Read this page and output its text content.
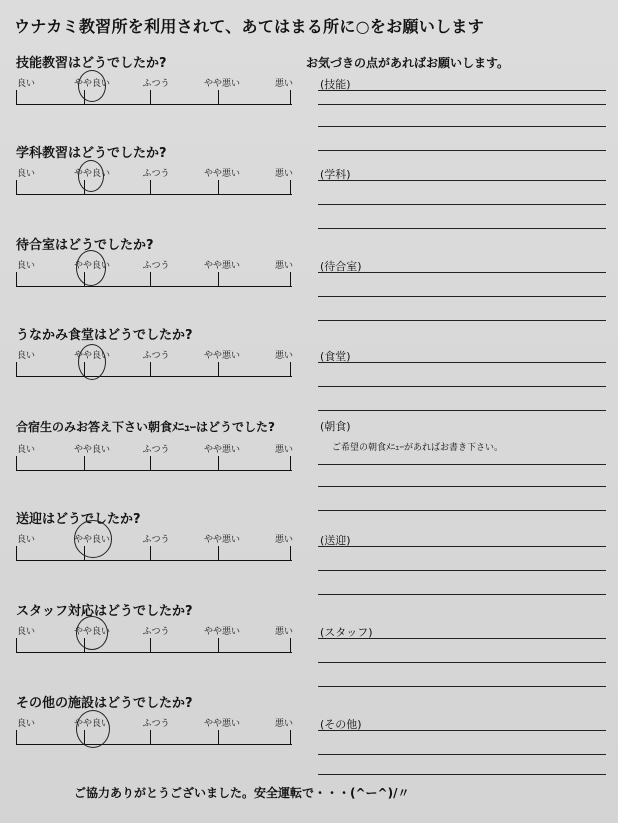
ウナカミ教習所を利用されて、あてはまる所に○をお願いします
お気づきの点があればお願いします。
技能教習はどうでしたか?
良い	やや良い	ふつう	やや悪い	悪い (技能)
学科教習はどうでしたか?
良い	やや良い	ふつう	やや悪い	悪い (学科)
待合室はどうでしたか?
良い	やや良い	ふつう	やや悪い	悪い (待合室)
うなかみ食堂はどうでしたか?
良い	やや良い	ふつう	やや悪い	悪い (食堂)
合宿生のみお答え下さい朝食ﾒﾆｭｰはどうでした?
良い	やや良い	ふつう	やや悪い	悪い
(朝食)
ご希望の朝食ﾒﾆｭｰがあればお書き下さい。
送迎はどうでしたか?
良い	やや良い	ふつう	やや悪い	悪い (送迎)
スタッフ対応はどうでしたか?
良い	やや良い	ふつう	やや悪い	悪い (スタッフ)
その他の施設はどうでしたか?
良い	やや良い	ふつう	やや悪い	悪い (その他)
ご協力ありがとうございました。安全運転で・・・(^ー^)/〃
